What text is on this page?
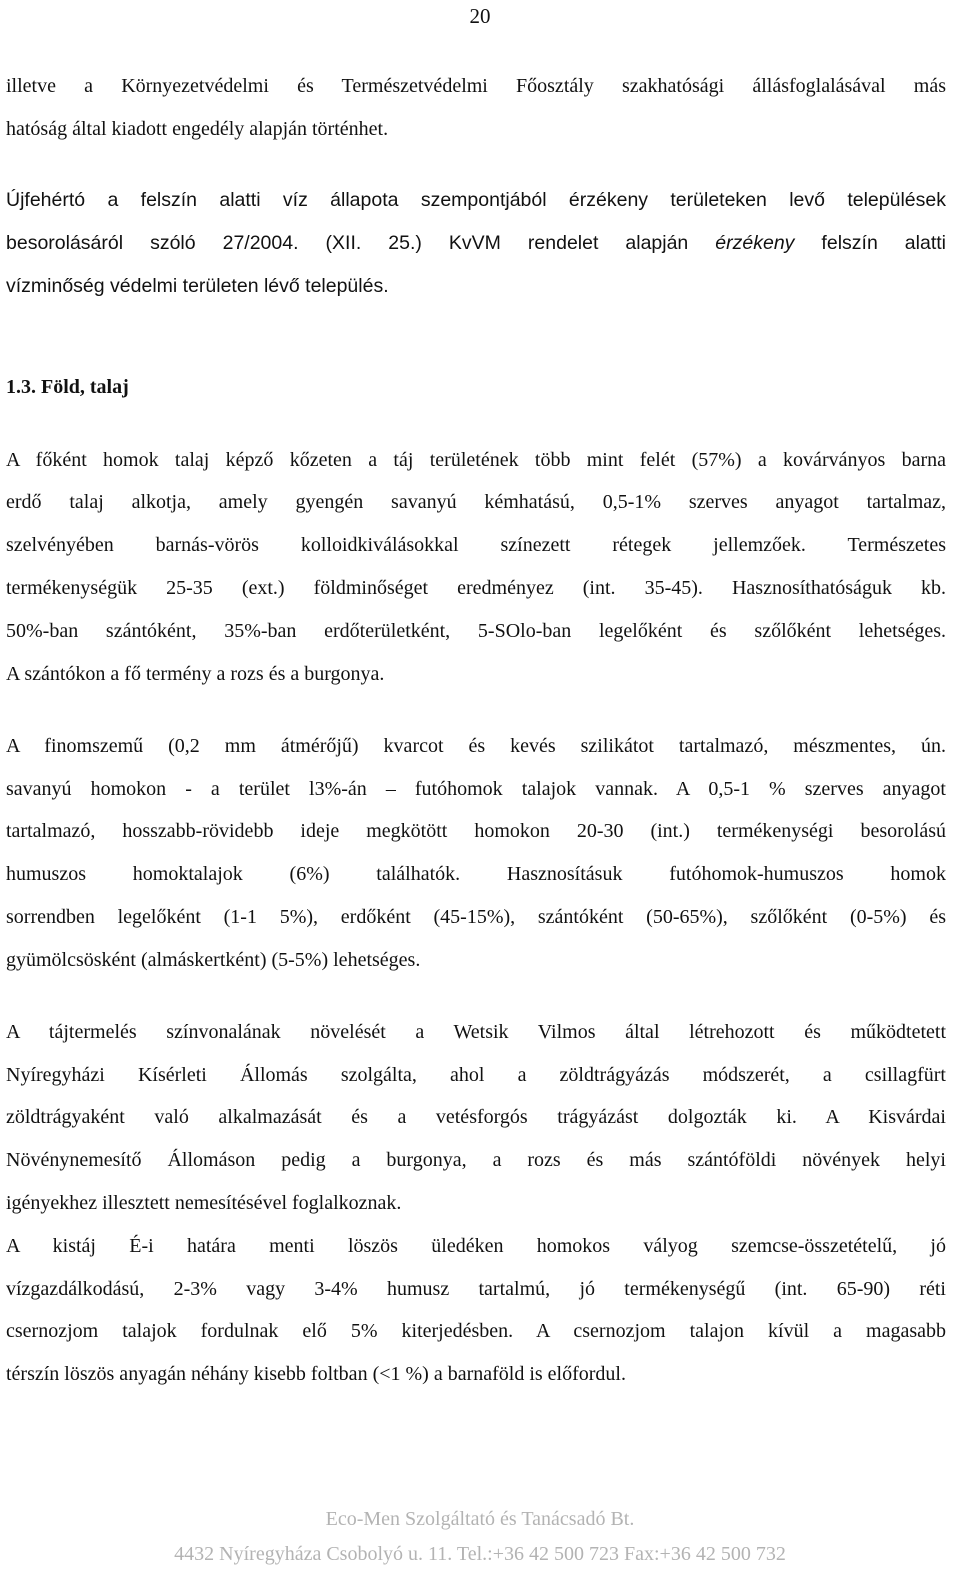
20
illetve a Környezetvédelmi és Természetvédelmi Főosztály szakhatósági állásfoglalásával más
hatóság által kiadott engedély alapján történhet.
Újfehértó a felszín alatti víz állapota szempontjából érzékeny területeken levő települések
besorolásáról szóló 27/2004. (XII. 25.) KvVM rendelet alapján érzékeny felszín alatti
vízminőség védelmi területen lévő település.
1.3. Föld, talaj
A főként homok talaj képző kőzeten a táj területének több mint felét (57%) a kovárványos barna
erdő talaj alkotja, amely gyengén savanyú kémhatású, 0,5-1% szerves anyagot tartalmaz,
szelvényében barnás-vörös kolloidkiválásokkal színezett rétegek jellemzőek. Természetes
termékenységük 25-35 (ext.) földminőséget eredményez (int. 35-45). Hasznosíthatóságuk kb.
50%-ban szántóként, 35%-ban erdőterületként, 5-SOlo-ban legelőként és szőlőként lehetséges.
A szántókon a fő termény a rozs és a burgonya.
A finomszemű (0,2 mm átmérőjű) kvarcot és kevés szilikátot tartalmazó, mészmentes, ún.
savanyú homokon - a terület l3%-án – futóhomok talajok vannak. A 0,5-1 % szerves anyagot
tartalmazó, hosszabb-rövidebb ideje megkötött homokon 20-30 (int.) termékenységi besorolású
humuszos homoktalajok (6%) találhatók. Hasznosításuk futóhomok-humuszos homok
sorrendben legelőként (1-1 5%), erdőként (45-15%), szántóként (50-65%), szőlőként (0-5%) és
gyümölcsösként (almáskertként) (5-5%) lehetséges.
A tájtermelés színvonalának növelését a Wetsik Vilmos által létrehozott és működtetett
Nyíregyházi Kísérleti Állomás szolgálta, ahol a zöldtrágyázás módszerét, a csillagfürt
zöldtrágyaként való alkalmazását és a vetésforgós trágyázást dolgozták ki. A Kisvárdai
Növénynemesítő Állomáson pedig a burgonya, a rozs és más szántóföldi növények helyi
igényekhez illesztett nemesítésével foglalkoznak.
A kistáj É-i határa menti löszös üledéken homokos vályog szemcse-összetételű, jó
vízgazdálkodású, 2-3% vagy 3-4% humusz tartalmú, jó termékenységű (int. 65-90) réti
csernozjom talajok fordulnak elő 5% kiterjedésben. A csernozjom talajon kívül a magasabb
térszín löszös anyagán néhány kisebb foltban (<1 %) a barnaföld is előfordul.
Eco-Men Szolgáltató és Tanácsadó Bt.
4432 Nyíregyháza Csobolyó u. 11. Tel.:+36 42 500 723 Fax:+36 42 500 732
